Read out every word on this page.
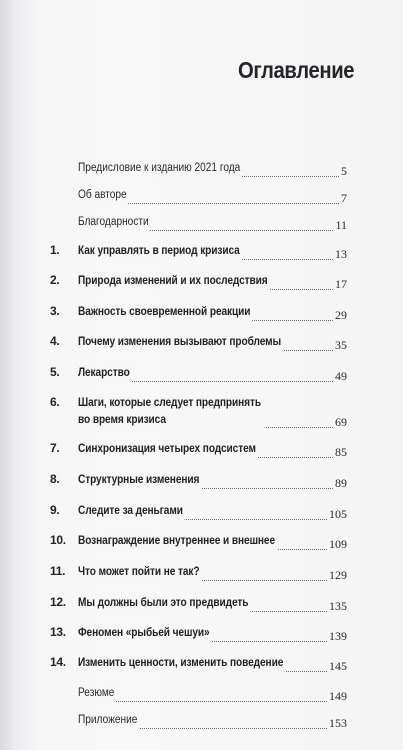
Оглавление
Предисловие к изданию 2021 года	5
Об авторе	7
Благодарности	11
1. Как управлять в период кризиса	13
2. Природа изменений и их последствия	17
3. Важность своевременной реакции	29
4. Почему изменения вызывают проблемы	35
5. Лекарство	49
6. Шаги, которые следует предпринять во время кризиса	69
7. Синхронизация четырех подсистем	85
8. Структурные изменения	89
9. Следите за деньгами	105
10. Вознаграждение внутреннее и внешнее	109
11. Что может пойти не так?	129
12. Мы должны были это предвидеть	135
13. Феномен «рыбьей чешуи»	139
14. Изменить ценности, изменить поведение	145
Резюме	149
Приложение	153
